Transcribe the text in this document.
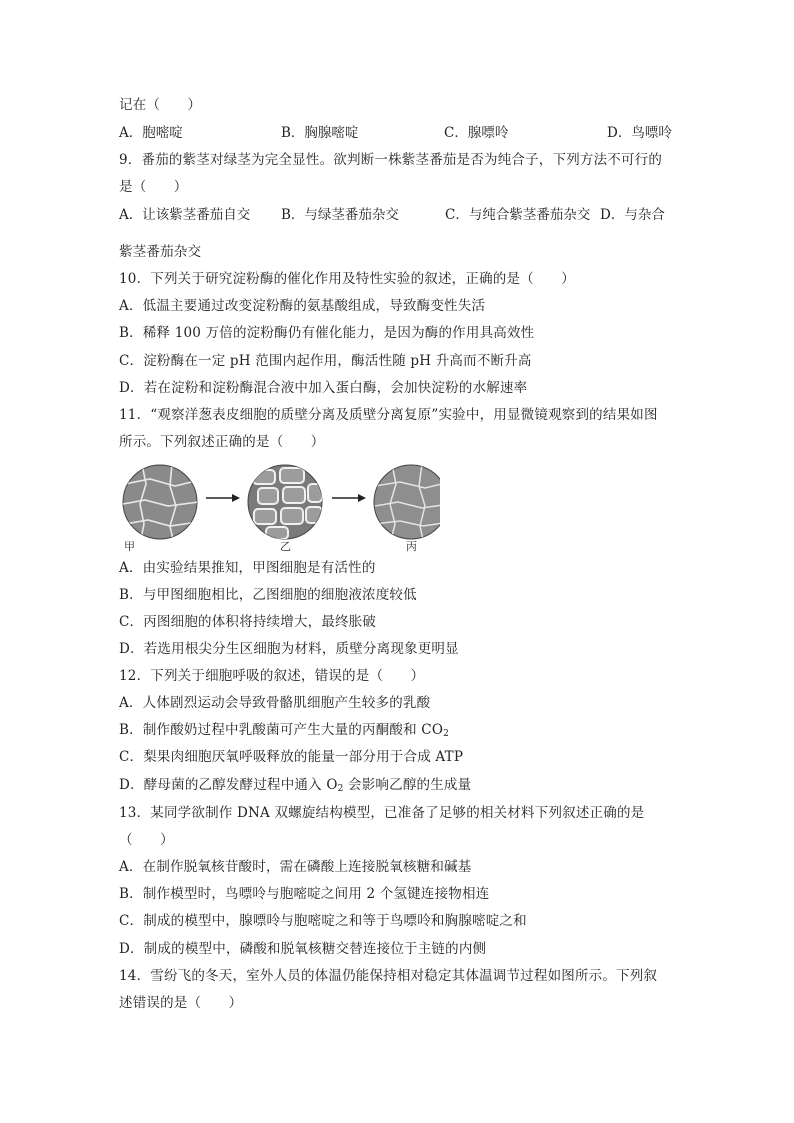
记在（　　）
A．胞嘧啶	B．胸腺嘧啶	C．腺嘌呤	D．鸟嘌呤
9．番茄的紫茎对绿茎为完全显性。欲判断一株紫茎番茄是否为纯合子，下列方法不可行的
是（　　）
A．让该紫茎番茄自交 B．与绿茎番茄杂交	C．与纯合紫茎番茄杂交 D．与杂合
紫茎番茄杂交
10．下列关于研究淀粉酶的催化作用及特性实验的叙述，正确的是（　　）
A．低温主要通过改变淀粉酶的氨基酸组成，导致酶变性失活
B．稀释 100 万倍的淀粉酶仍有催化能力，是因为酶的作用具高效性
C．淀粉酶在一定 pH 范围内起作用，酶活性随 pH 升高而不断升高
D．若在淀粉和淀粉酶混合液中加入蛋白酶，会加快淀粉的水解速率
11．“观察洋葱表皮细胞的质壁分离及质壁分离复原”实验中，用显微镜观察到的结果如图
所示。下列叙述正确的是（　　）
甲	乙	丙
A．由实验结果推知，甲图细胞是有活性的
B．与甲图细胞相比，乙图细胞的细胞液浓度较低
C．丙图细胞的体积将持续增大，最终胀破
D．若选用根尖分生区细胞为材料，质壁分离现象更明显
12．下列关于细胞呼吸的叙述，错误的是（　　）
A．人体剧烈运动会导致骨骼肌细胞产生较多的乳酸
B．制作酸奶过程中乳酸菌可产生大量的丙酮酸和 $CO_2$
C．梨果肉细胞厌氧呼吸释放的能量一部分用于合成 ATP
D．酵母菌的乙醇发酵过程中通入 $O_2$ 会影响乙醇的生成量
13．某同学欲制作 DNA 双螺旋结构模型，已准备了足够的相关材料下列叙述正确的是
（　　）
A．在制作脱氧核苷酸时，需在磷酸上连接脱氧核糖和碱基
B．制作模型时，鸟嘌呤与胞嘧啶之间用 2 个氢键连接物相连
C．制成的模型中，腺嘌呤与胞嘧啶之和等于鸟嘌呤和胸腺嘧啶之和
D．制成的模型中，磷酸和脱氧核糖交替连接位于主链的内侧
14．雪纷飞的冬天，室外人员的体温仍能保持相对稳定其体温调节过程如图所示。下列叙
述错误的是（　　）
